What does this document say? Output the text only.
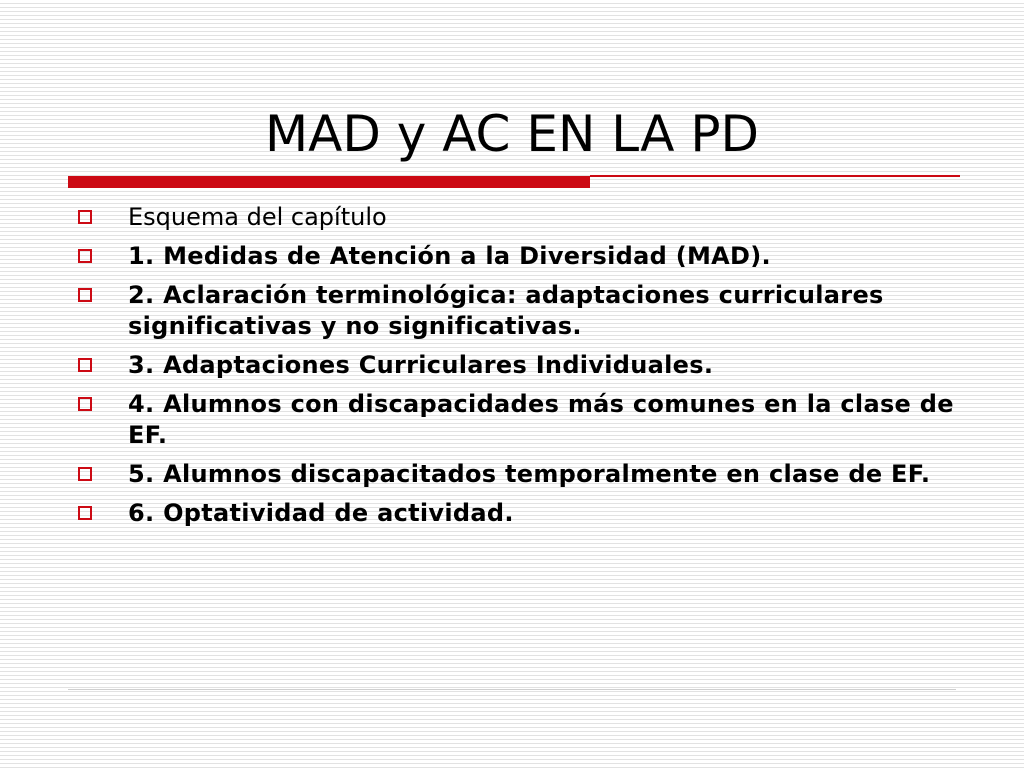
MAD y AC EN LA PD
Esquema del capítulo
1. Medidas de Atención a la Diversidad (MAD).
2. Aclaración terminológica: adaptaciones curriculares significativas y no significativas.
3. Adaptaciones Curriculares Individuales.
4. Alumnos con discapacidades más comunes en la clase de EF.
5. Alumnos discapacitados temporalmente en clase de EF.
6. Optatividad de actividad.
